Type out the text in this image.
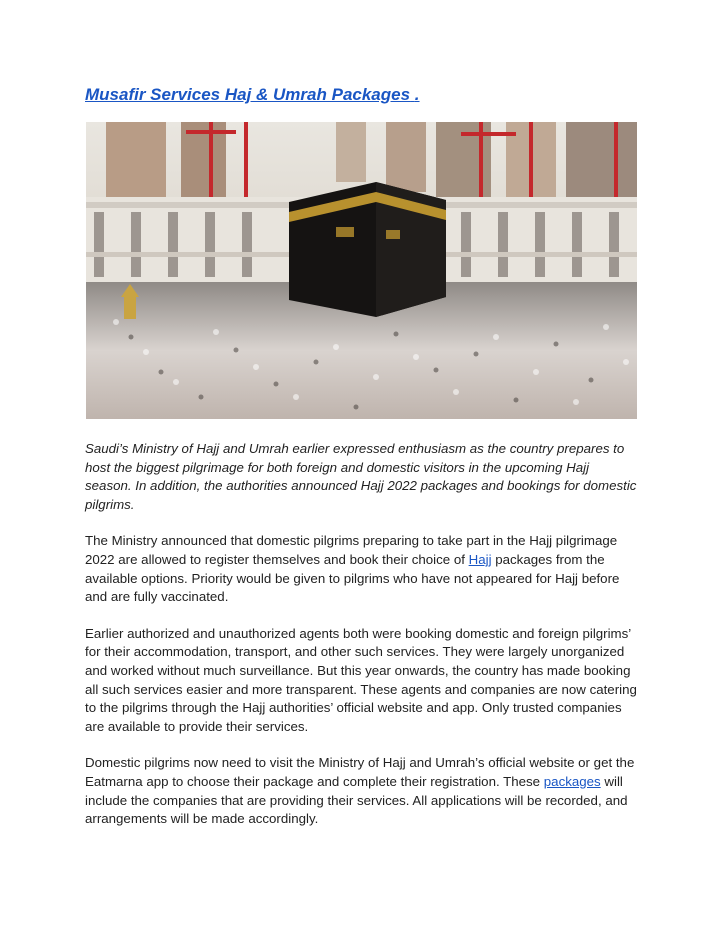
Musafir Services Haj & Umrah Packages .

Saudi’s Ministry of Hajj and Umrah earlier expressed enthusiasm as the country prepares to host the biggest pilgrimage for both foreign and domestic visitors in the upcoming Hajj season. In addition, the authorities announced Hajj 2022 packages and bookings for domestic pilgrims.

The Ministry announced that domestic pilgrims preparing to take part in the Hajj pilgrimage 2022 are allowed to register themselves and book their choice of Hajj packages from the available options. Priority would be given to pilgrims who have not appeared for Hajj before and are fully vaccinated.

Earlier authorized and unauthorized agents both were booking domestic and foreign pilgrims’ for their accommodation, transport, and other such services. They were largely unorganized and worked without much surveillance. But this year onwards, the country has made booking all such services easier and more transparent. These agents and companies are now catering to the pilgrims through the Hajj authorities’ official website and app. Only trusted companies are available to provide their services.

Domestic pilgrims now need to visit the Ministry of Hajj and Umrah’s official website or get the Eatmarna app to choose their package and complete their registration. These packages will include the companies that are providing their services. All applications will be recorded, and arrangements will be made accordingly.
